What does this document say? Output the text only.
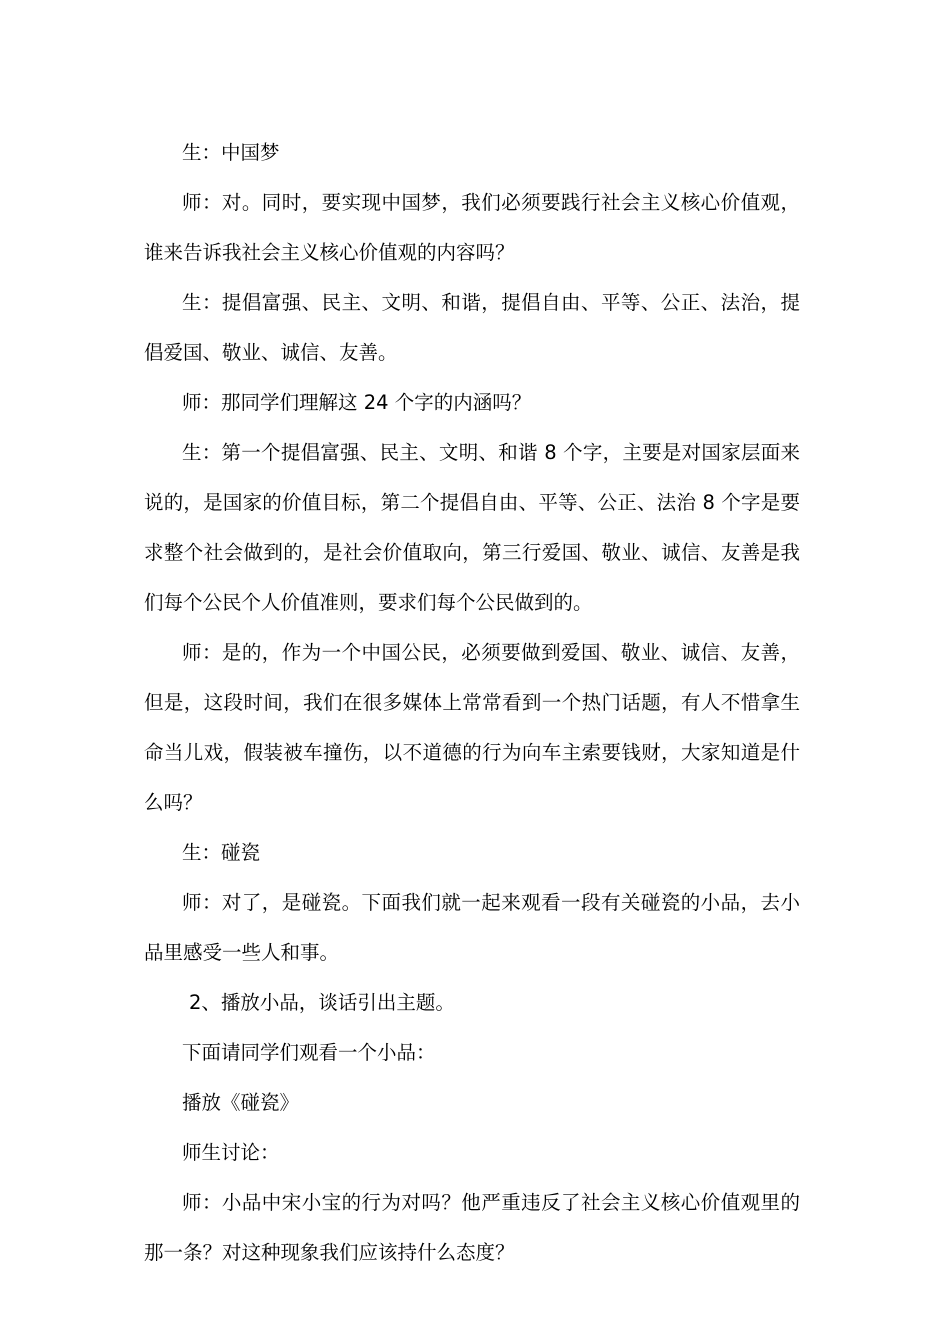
生：中国梦

师：对。同时，要实现中国梦，我们必须要践行社会主义核心价值观，谁来告诉我社会主义核心价值观的内容吗？

生：提倡富强、民主、文明、和谐，提倡自由、平等、公正、法治，提倡爱国、敬业、诚信、友善。

师：那同学们理解这 24 个字的内涵吗？

生：第一个提倡富强、民主、文明、和谐 8 个字，主要是对国家层面来说的，是国家的价值目标，第二个提倡自由、平等、公正、法治 8 个字是要求整个社会做到的，是社会价值取向，第三行爱国、敬业、诚信、友善是我们每个公民个人价值准则，要求们每个公民做到的。

师：是的，作为一个中国公民，必须要做到爱国、敬业、诚信、友善，但是，这段时间，我们在很多媒体上常常看到一个热门话题，有人不惜拿生命当儿戏，假装被车撞伤，以不道德的行为向车主索要钱财，大家知道是什么吗？

生：碰瓷

师：对了，是碰瓷。下面我们就一起来观看一段有关碰瓷的小品，去小品里感受一些人和事。

2、播放小品，谈话引出主题。

下面请同学们观看一个小品：

播放《碰瓷》

师生讨论：

师：小品中宋小宝的行为对吗？他严重违反了社会主义核心价值观里的那一条？对这种现象我们应该持什么态度？
